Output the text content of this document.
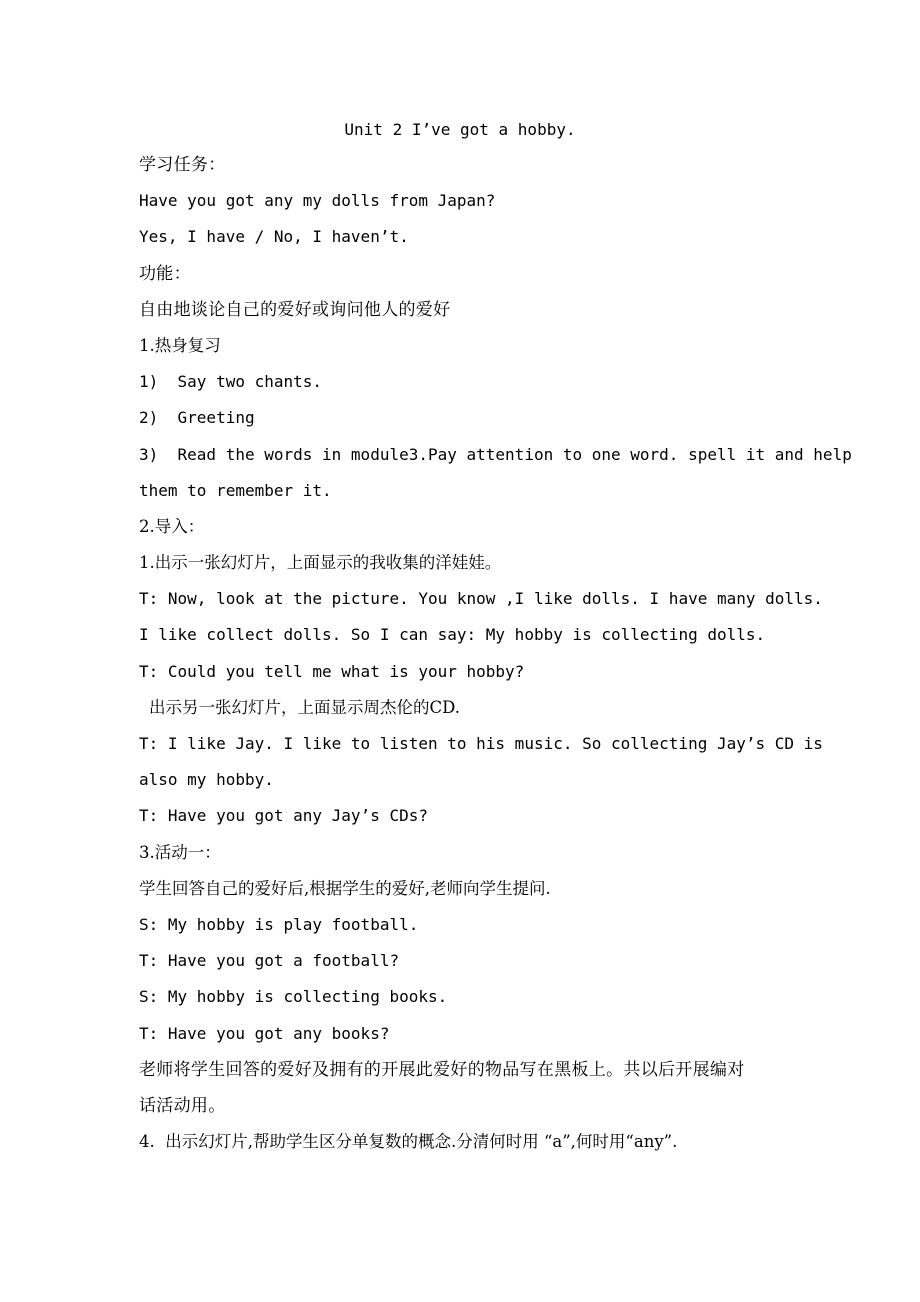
Unit 2 I’ve got a hobby.
学习任务：
Have you got any my dolls from Japan?
Yes, I have / No, I haven’t.
功能：
自由地谈论自己的爱好或询问他人的爱好
1.热身复习
1)  Say two chants.
2)  Greeting
3)  Read the words in module3.Pay attention to one word. spell it and help
them to remember it.
2.导入：
1.出示一张幻灯片，上面显示的我收集的洋娃娃。
T: Now, look at the picture. You know ,I like dolls. I have many dolls.
I like collect dolls. So I can say: My hobby is collecting dolls.
T: Could you tell me what is your hobby?
出示另一张幻灯片，上面显示周杰伦的CD.
T: I like Jay. I like to listen to his music. So collecting Jay’s CD is
also my hobby.
T: Have you got any Jay’s CDs?
3.活动一：
学生回答自己的爱好后,根据学生的爱好,老师向学生提问.
S: My hobby is play football.
T: Have you got a football?
S: My hobby is collecting books.
T: Have you got any books?
老师将学生回答的爱好及拥有的开展此爱好的物品写在黑板上。共以后开展编对
话活动用。
4.  出示幻灯片,帮助学生区分单复数的概念.分清何时用 “a”,何时用“any”.
